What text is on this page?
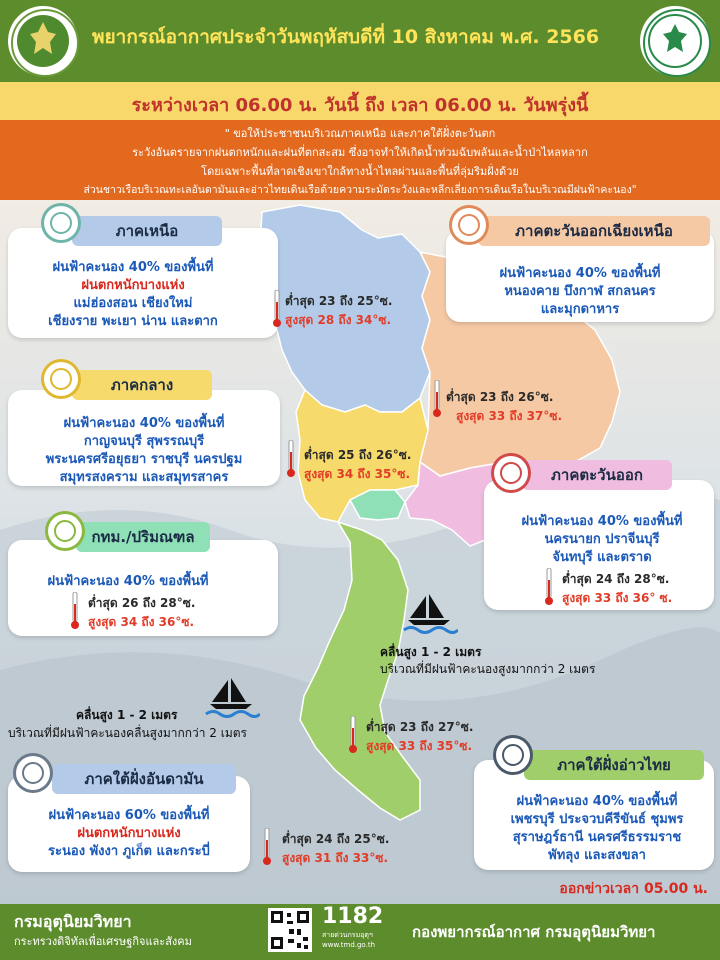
พยากรณ์อากาศประจำวันพฤหัสบดีที่ 10 สิงหาคม พ.ศ. 2566
ระหว่างเวลา 06.00 น. วันนี้ ถึง เวลา 06.00 น. วันพรุ่งนี้
" ขอให้ประชาชนบริเวณภาคเหนือ และภาคใต้ฝั่งตะวันตก
ระวังอันตรายจากฝนตกหนักและฝนที่ตกสะสม ซึ่งอาจทำให้เกิดน้ำท่วมฉับพลันและน้ำป่าไหลหลาก
โดยเฉพาะพื้นที่ลาดเชิงเขาใกล้ทางน้ำไหลผ่านและพื้นที่ลุ่มริมฝั่งด้วย
ส่วนชาวเรือบริเวณทะเลอันดามันและอ่าวไทยเดินเรือด้วยความระมัดระวังและหลีกเลี่ยงการเดินเรือในบริเวณมีฝนฟ้าคะนอง"
ภาคเหนือ
ฝนฟ้าคะนอง 40% ของพื้นที่
ฝนตกหนักบางแห่ง
แม่ฮ่องสอน เชียงใหม่
เชียงราย พะเยา น่าน และตาก
ต่ำสุด 23 ถึง 25°ซ.
สูงสุด 28 ถึง 34°ซ.
ภาคตะวันออกเฉียงเหนือ
ฝนฟ้าคะนอง 40% ของพื้นที่
หนองคาย บึงกาฬ สกลนคร
และมุกดาหาร
ต่ำสุด 23 ถึง 26°ซ.
สูงสุด 33 ถึง 37°ซ.
ภาคกลาง
ฝนฟ้าคะนอง 40% ของพื้นที่
กาญจนบุรี สุพรรณบุรี
พระนครศรีอยุธยา ราชบุรี นครปฐม
สมุทรสงคราม และสมุทรสาคร
ต่ำสุด 25 ถึง 26°ซ.
สูงสุด 34 ถึง 35°ซ.	ภาคตะวันออก
ฝนฟ้าคะนอง 40% ของพื้นที่
นครนายก ปราจีนบุรี
จันทบุรี และตราด
ต่ำสุด 24 ถึง 28°ซ.
สูงสุด 33 ถึง 36° ซ.
กทม./ปริมณฑล
ฝนฟ้าคะนอง 40% ของพื้นที่
ต่ำสุด 26 ถึง 28°ซ.
สูงสุด 34 ถึง 36°ซ.
คลื่นสูง 1 - 2 เมตร
บริเวณที่มีฝนฟ้าคะนองสูงมากกว่า 2 เมตร
คลื่นสูง 1 - 2 เมตร
บริเวณที่มีฝนฟ้าคะนองคลื่นสูงมากกว่า 2 เมตร	ต่ำสุด 23 ถึง 27°ซ.
สูงสุด 33 ถึง 35°ซ.
ภาคใต้ฝั่งอ่าวไทย
ฝนฟ้าคะนอง 40% ของพื้นที่
เพชรบุรี ประจวบคีรีขันธ์ ชุมพร
สุราษฎร์ธานี นครศรีธรรมราช
พัทลุง และสงขลา
ภาคใต้ฝั่งอันดามัน
ฝนฟ้าคะนอง 60% ของพื้นที่
ฝนตกหนักบางแห่ง
ระนอง พังงา ภูเก็ต และกระบี่
ต่ำสุด 24 ถึง 25°ซ.
สูงสุด 31 ถึง 33°ซ.
ออกข่าวเวลา 05.00 น.
กรมอุตุนิยมวิทยา
กระทรวงดิจิทัลเพื่อเศรษฐกิจและสังคม
1182
สายด่วนกรมอุตุฯ
www.tmd.go.th
กองพยากรณ์อากาศ กรมอุตุนิยมวิทยา
